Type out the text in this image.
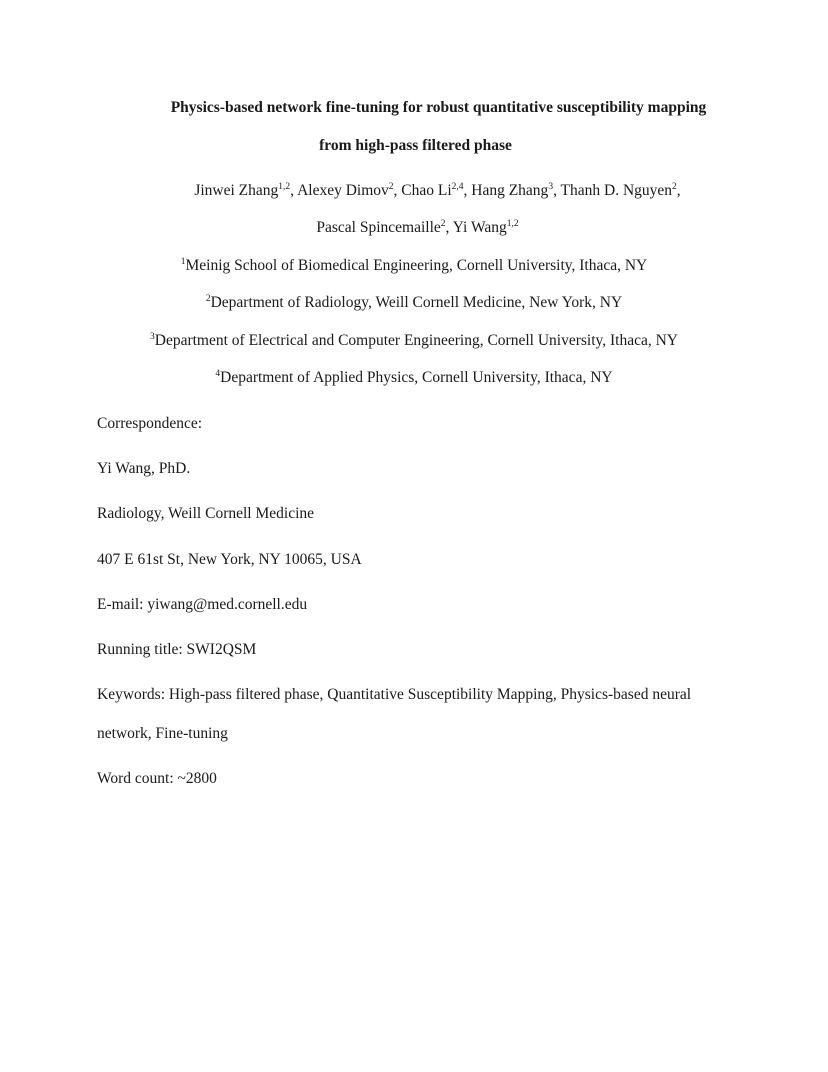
Physics-based network fine-tuning for robust quantitative susceptibility mapping
from high-pass filtered phase
Jinwei Zhang$^{1,2}$, Alexey Dimov$^2$, Chao Li$^{2,4}$, Hang Zhang$^3$, Thanh D. Nguyen$^2$,
Pascal Spincemaille$^2$, Yi Wang$^{1,2}$
$^1$Meinig School of Biomedical Engineering, Cornell University, Ithaca, NY
$^2$Department of Radiology, Weill Cornell Medicine, New York, NY
$^3$Department of Electrical and Computer Engineering, Cornell University, Ithaca, NY
$^4$Department of Applied Physics, Cornell University, Ithaca, NY
Correspondence:
Yi Wang, PhD.
Radiology, Weill Cornell Medicine
407 E 61st St, New York, NY 10065, USA
E-mail: yiwang@med.cornell.edu
Running title: SWI2QSM
Keywords: High-pass filtered phase, Quantitative Susceptibility Mapping, Physics-based neural
network, Fine-tuning
Word count: ~2800
